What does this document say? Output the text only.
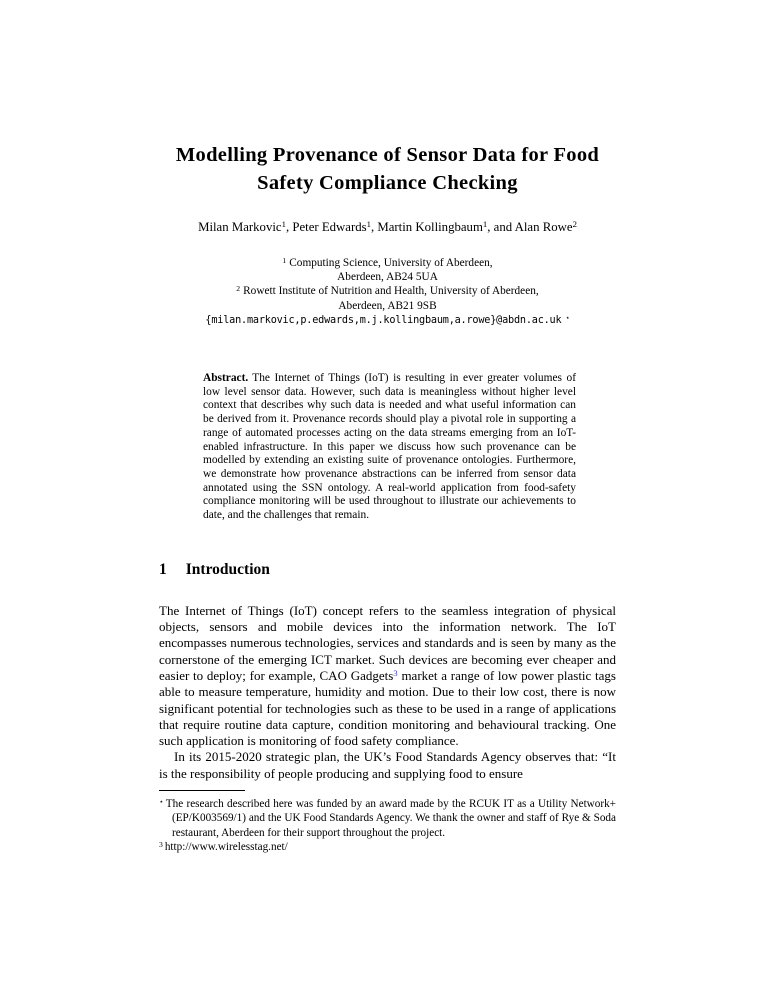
Modelling Provenance of Sensor Data for Food
Safety Compliance Checking

Milan Markovic$^1$, Peter Edwards$^1$, Martin Kollingbaum$^1$, and Alan Rowe$^2$

$^1$ Computing Science, University of Aberdeen,
Aberdeen, AB24 5UA
$^2$ Rowett Institute of Nutrition and Health, University of Aberdeen,
Aberdeen, AB21 9SB
{milan.markovic,p.edwards,m.j.kollingbaum,a.rowe}@abdn.ac.uk ⋆

Abstract. The Internet of Things (IoT) is resulting in ever greater volumes of low level sensor data. However, such data is meaningless without higher level context that describes why such data is needed and what useful information can be derived from it. Provenance records should play a pivotal role in supporting a range of automated processes acting on the data streams emerging from an IoT-enabled infrastructure. In this paper we discuss how such provenance can be modelled by extending an existing suite of provenance ontologies. Furthermore, we demonstrate how provenance abstractions can be inferred from sensor data annotated using the SSN ontology. A real-world application from food-safety compliance monitoring will be used throughout to illustrate our achievements to date, and the challenges that remain.

1 Introduction

The Internet of Things (IoT) concept refers to the seamless integration of physical objects, sensors and mobile devices into the information network. The IoT encompasses numerous technologies, services and standards and is seen by many as the cornerstone of the emerging ICT market. Such devices are becoming ever cheaper and easier to deploy; for example, CAO Gadgets$^3$ market a range of low power plastic tags able to measure temperature, humidity and motion. Due to their low cost, there is now significant potential for technologies such as these to be used in a range of applications that require routine data capture, condition monitoring and behavioural tracking. One such application is monitoring of food safety compliance.

In its 2015-2020 strategic plan, the UK’s Food Standards Agency observes that: “It is the responsibility of people producing and supplying food to ensure

⋆ The research described here was funded by an award made by the RCUK IT as a Utility Network+ (EP/K003569/1) and the UK Food Standards Agency. We thank the owner and staff of Rye & Soda restaurant, Aberdeen for their support throughout the project.

$^3$ http://www.wirelesstag.net/
